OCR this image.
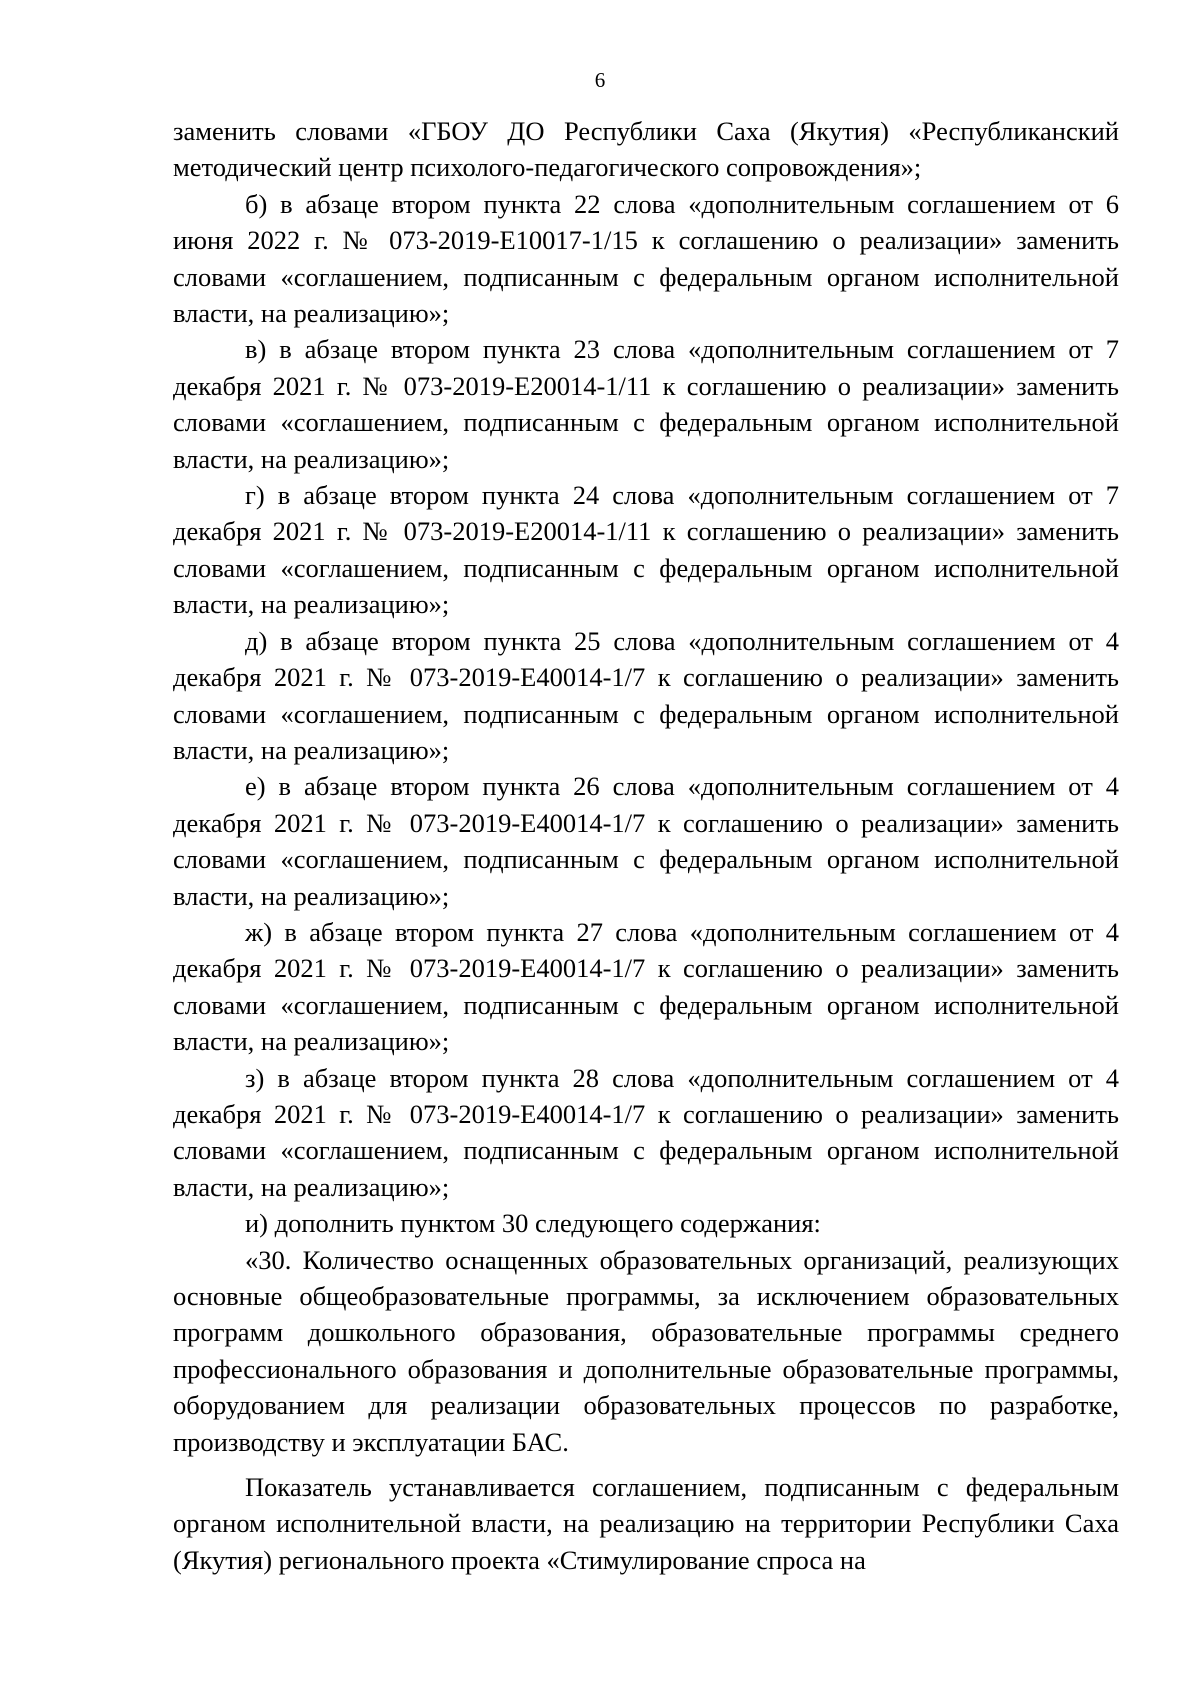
6

заменить словами «ГБОУ ДО Республики Саха (Якутия) «Республиканский методический центр психолого-педагогического сопровождения»;

б) в абзаце втором пункта 22 слова «дополнительным соглашением от 6 июня 2022 г. № 073-2019-Е10017-1/15 к соглашению о реализации» заменить словами «соглашением, подписанным с федеральным органом исполнительной власти, на реализацию»;

в) в абзаце втором пункта 23 слова «дополнительным соглашением от 7 декабря 2021 г. № 073-2019-Е20014-1/11 к соглашению о реализации» заменить словами «соглашением, подписанным с федеральным органом исполнительной власти, на реализацию»;

г) в абзаце втором пункта 24 слова «дополнительным соглашением от 7 декабря 2021 г. № 073-2019-Е20014-1/11 к соглашению о реализации» заменить словами «соглашением, подписанным с федеральным органом исполнительной власти, на реализацию»;

д) в абзаце втором пункта 25 слова «дополнительным соглашением от 4 декабря 2021 г. № 073-2019-Е40014-1/7 к соглашению о реализации» заменить словами «соглашением, подписанным с федеральным органом исполнительной власти, на реализацию»;

е) в абзаце втором пункта 26 слова «дополнительным соглашением от 4 декабря 2021 г. № 073-2019-Е40014-1/7 к соглашению о реализации» заменить словами «соглашением, подписанным с федеральным органом исполнительной власти, на реализацию»;

ж) в абзаце втором пункта 27 слова «дополнительным соглашением от 4 декабря 2021 г. № 073-2019-Е40014-1/7 к соглашению о реализации» заменить словами «соглашением, подписанным с федеральным органом исполнительной власти, на реализацию»;

з) в абзаце втором пункта 28 слова «дополнительным соглашением от 4 декабря 2021 г. № 073-2019-Е40014-1/7 к соглашению о реализации» заменить словами «соглашением, подписанным с федеральным органом исполнительной власти, на реализацию»;

и) дополнить пунктом 30 следующего содержания:

«30. Количество оснащенных образовательных организаций, реализующих основные общеобразовательные программы, за исключением образовательных программ дошкольного образования, образовательные программы среднего профессионального образования и дополнительные образовательные программы, оборудованием для реализации образовательных процессов по разработке, производству и эксплуатации БАС.

Показатель устанавливается соглашением, подписанным с федеральным органом исполнительной власти, на реализацию на территории Республики Саха (Якутия) регионального проекта «Стимулирование спроса на
